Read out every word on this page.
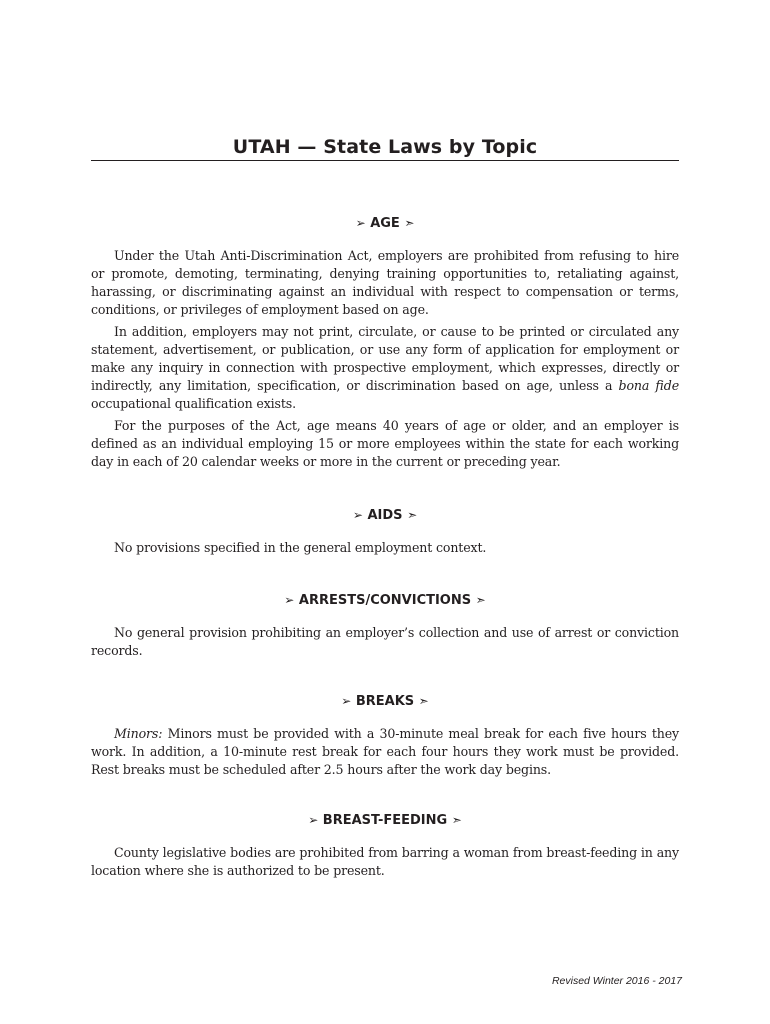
UTAH — State Laws by Topic
➢ AGE ➣

Under the Utah Anti-Discrimination Act, employers are prohibited from refusing to hire or promote, demoting, terminating, denying training opportunities to, retaliating against, harassing, or discriminating against an individual with respect to compensation or terms, conditions, or privileges of employment based on age.

In addition, employers may not print, circulate, or cause to be printed or circulated any statement, advertisement, or publication, or use any form of application for employment or make any inquiry in connection with prospective employment, which expresses, directly or indirectly, any limitation, specification, or discrimination based on age, unless a bona fide occupational qualification exists.

For the purposes of the Act, age means 40 years of age or older, and an employer is defined as an individual employing 15 or more employees within the state for each working day in each of 20 calendar weeks or more in the current or preceding year.

➢ AIDS ➣

No provisions specified in the general employment context.

➢ ARRESTS/CONVICTIONS ➣

No general provision prohibiting an employer’s collection and use of arrest or conviction records.

➢ BREAKS ➣

Minors: Minors must be provided with a 30-minute meal break for each five hours they work. In addition, a 10-minute rest break for each four hours they work must be provided. Rest breaks must be scheduled after 2.5 hours after the work day begins.

➢ BREAST-FEEDING ➣

County legislative bodies are prohibited from barring a woman from breast-feeding in any location where she is authorized to be present.

Revised Winter 2016 - 2017
